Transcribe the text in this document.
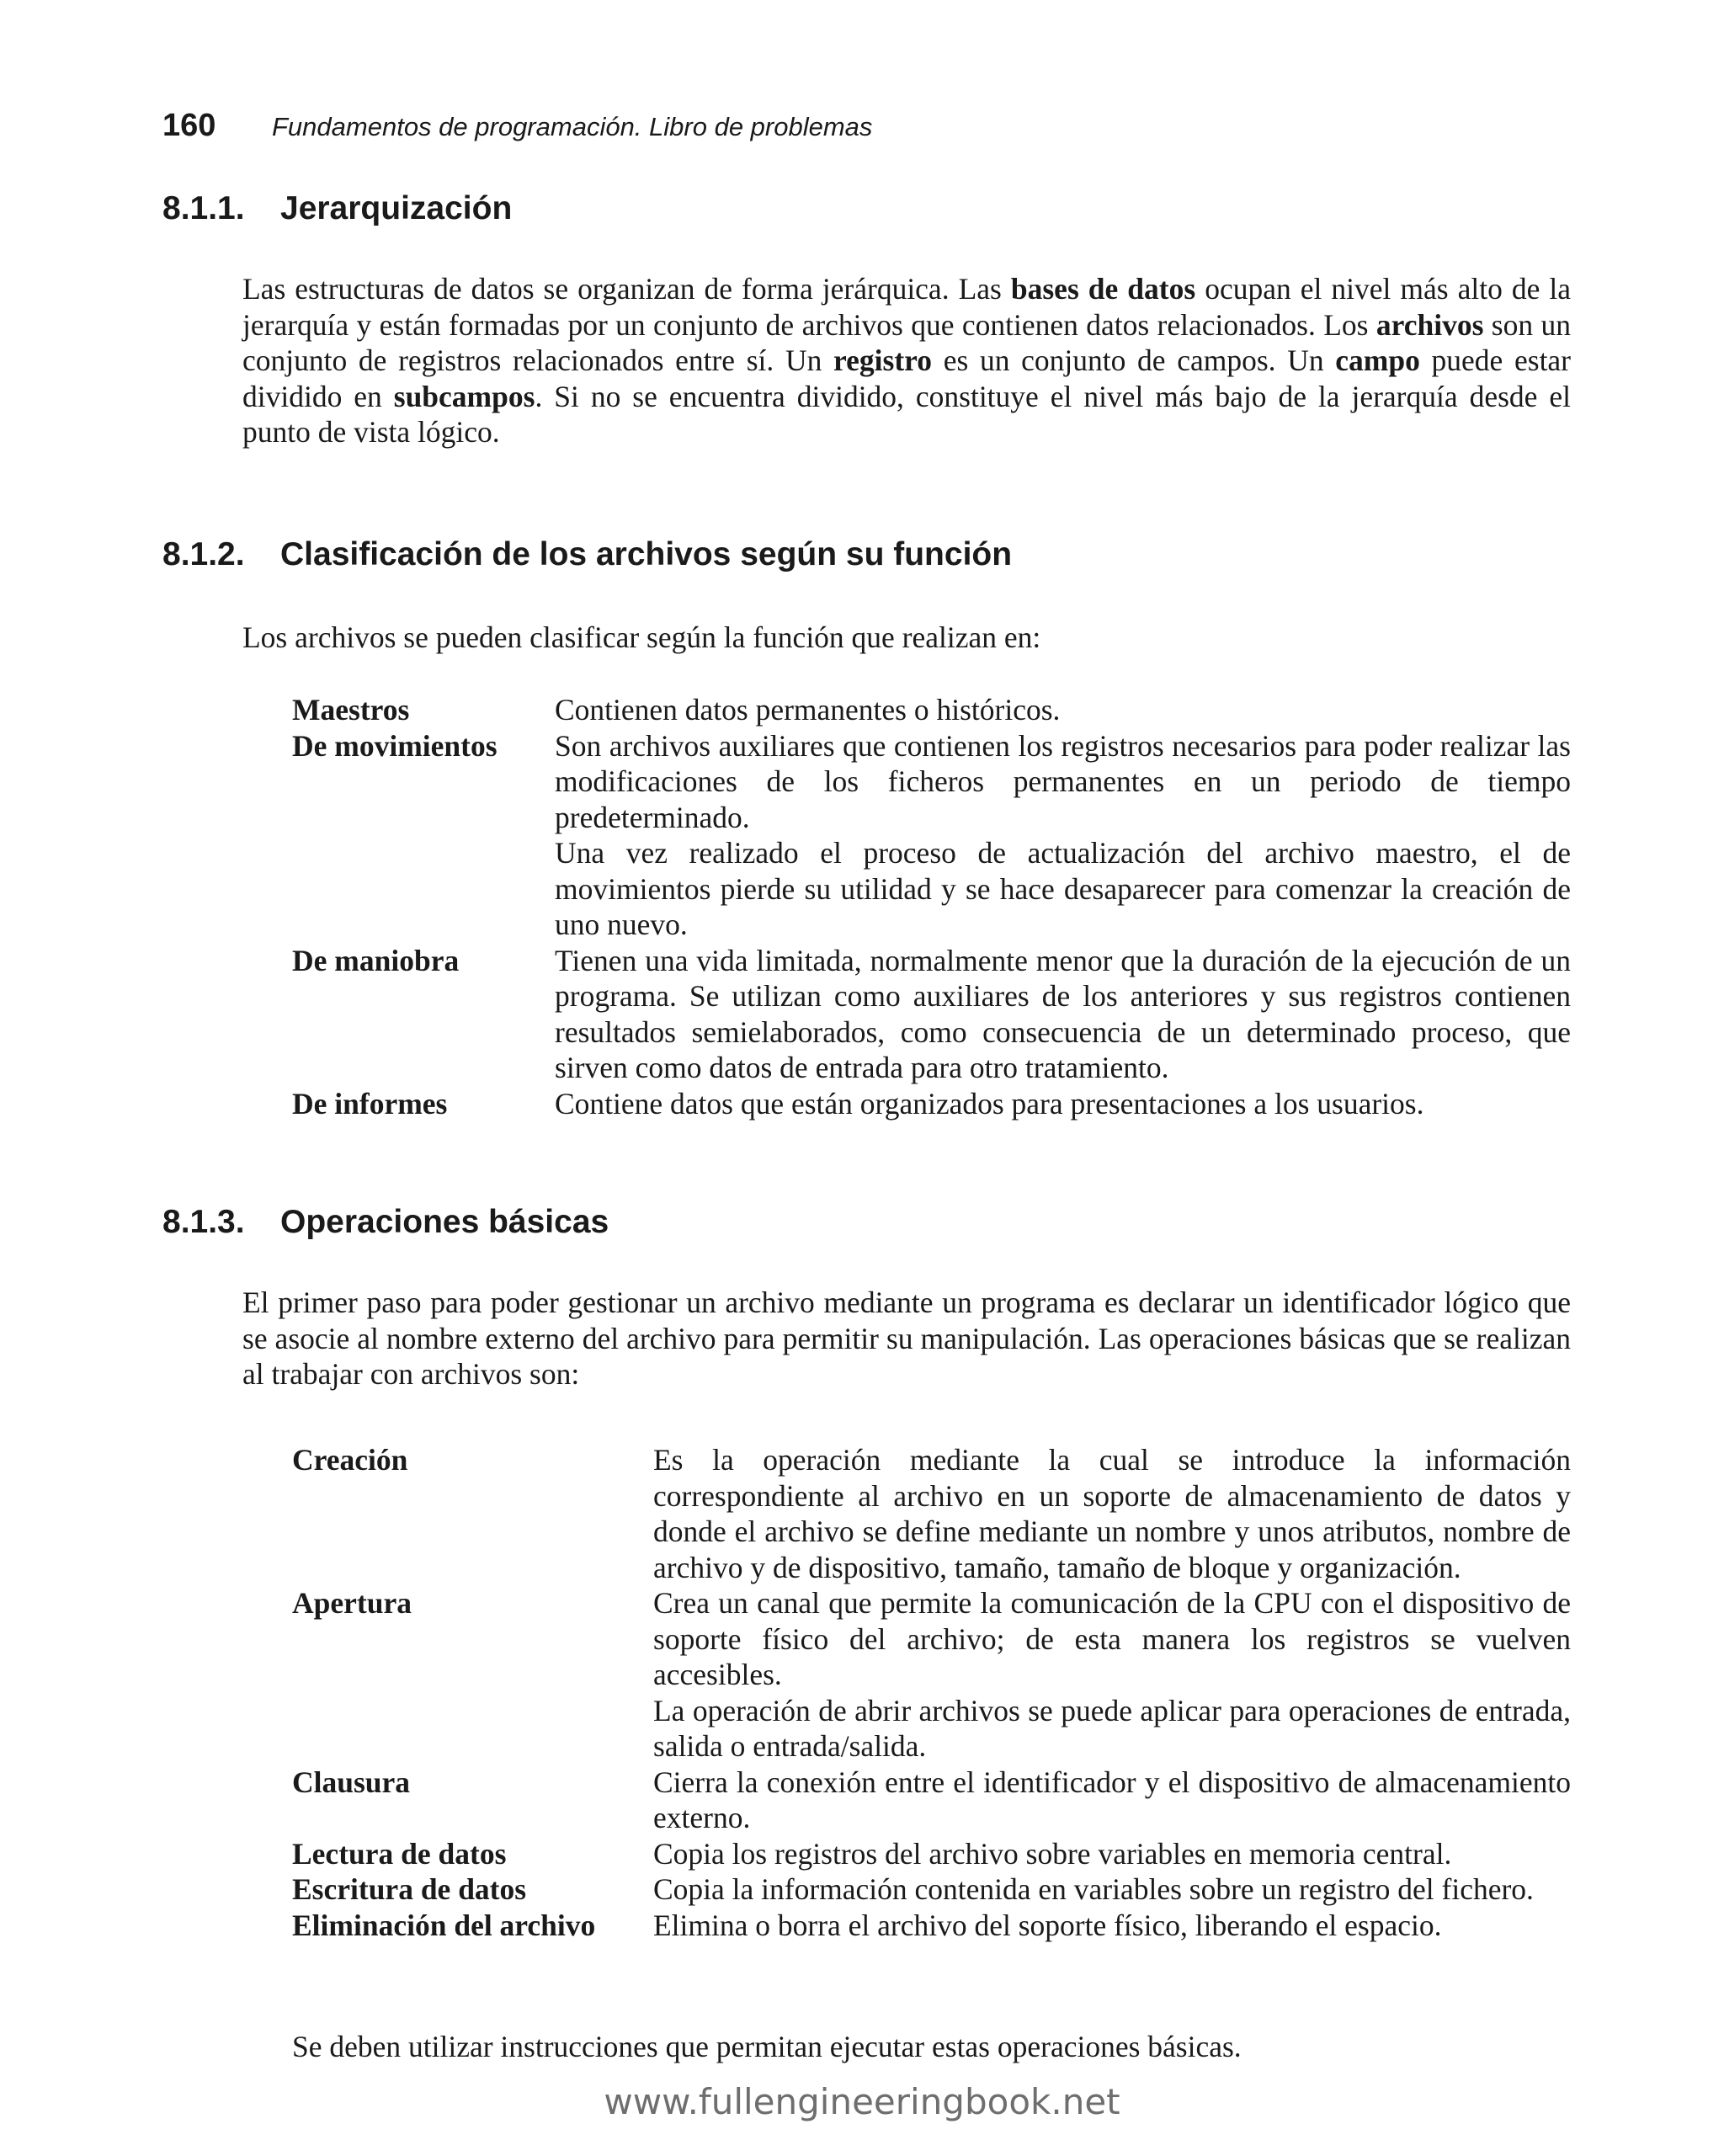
160	Fundamentos de programación. Libro de problemas
8.1.1.	Jerarquización

Las estructuras de datos se organizan de forma jerárquica. Las bases de datos ocupan el nivel más alto de la jerarquía y están formadas por un conjunto de archivos que contienen datos relacionados. Los archivos son un conjunto de registros relacionados entre sí. Un registro es un conjunto de campos. Un campo puede estar dividido en subcampos. Si no se encuentra dividido, constituye el nivel más bajo de la jerarquía desde el punto de vista lógico.

8.1.2.	Clasificación de los archivos según su función

Los archivos se pueden clasificar según la función que realizan en:

Maestros	Contienen datos permanentes o históricos.

De movimientos	Son archivos auxiliares que contienen los registros necesarios para poder realizar las modificaciones de los ficheros permanentes en un periodo de tiempo predeterminado.

Una vez realizado el proceso de actualización del archivo maestro, el de movimientos pierde su utilidad y se hace desaparecer para comenzar la creación de uno nuevo.

De maniobra	Tienen una vida limitada, normalmente menor que la duración de la ejecución de un programa. Se utilizan como auxiliares de los anteriores y sus registros contienen resultados semielaborados, como consecuencia de un determinado proceso, que sirven como datos de entrada para otro tratamiento.

De informes	Contiene datos que están organizados para presentaciones a los usuarios.

8.1.3.	Operaciones básicas

El primer paso para poder gestionar un archivo mediante un programa es declarar un identificador lógico que se asocie al nombre externo del archivo para permitir su manipulación. Las operaciones básicas que se realizan al trabajar con archivos son:

Creación	Es la operación mediante la cual se introduce la información correspondiente al archivo en un soporte de almacenamiento de datos y donde el archivo se define mediante un nombre y unos atributos, nombre de archivo y de dispositivo, tamaño, tamaño de bloque y organización.

Apertura	Crea un canal que permite la comunicación de la CPU con el dispositivo de soporte físico del archivo; de esta manera los registros se vuelven accesibles.

La operación de abrir archivos se puede aplicar para operaciones de entrada, salida o entrada/salida.

Clausura	Cierra la conexión entre el identificador y el dispositivo de almacenamiento externo.

Lectura de datos	Copia los registros del archivo sobre variables en memoria central.

Escritura de datos	Copia la información contenida en variables sobre un registro del fichero.

Eliminación del archivo	Elimina o borra el archivo del soporte físico, liberando el espacio.

Se deben utilizar instrucciones que permitan ejecutar estas operaciones básicas.

www.fullengineeringbook.net
